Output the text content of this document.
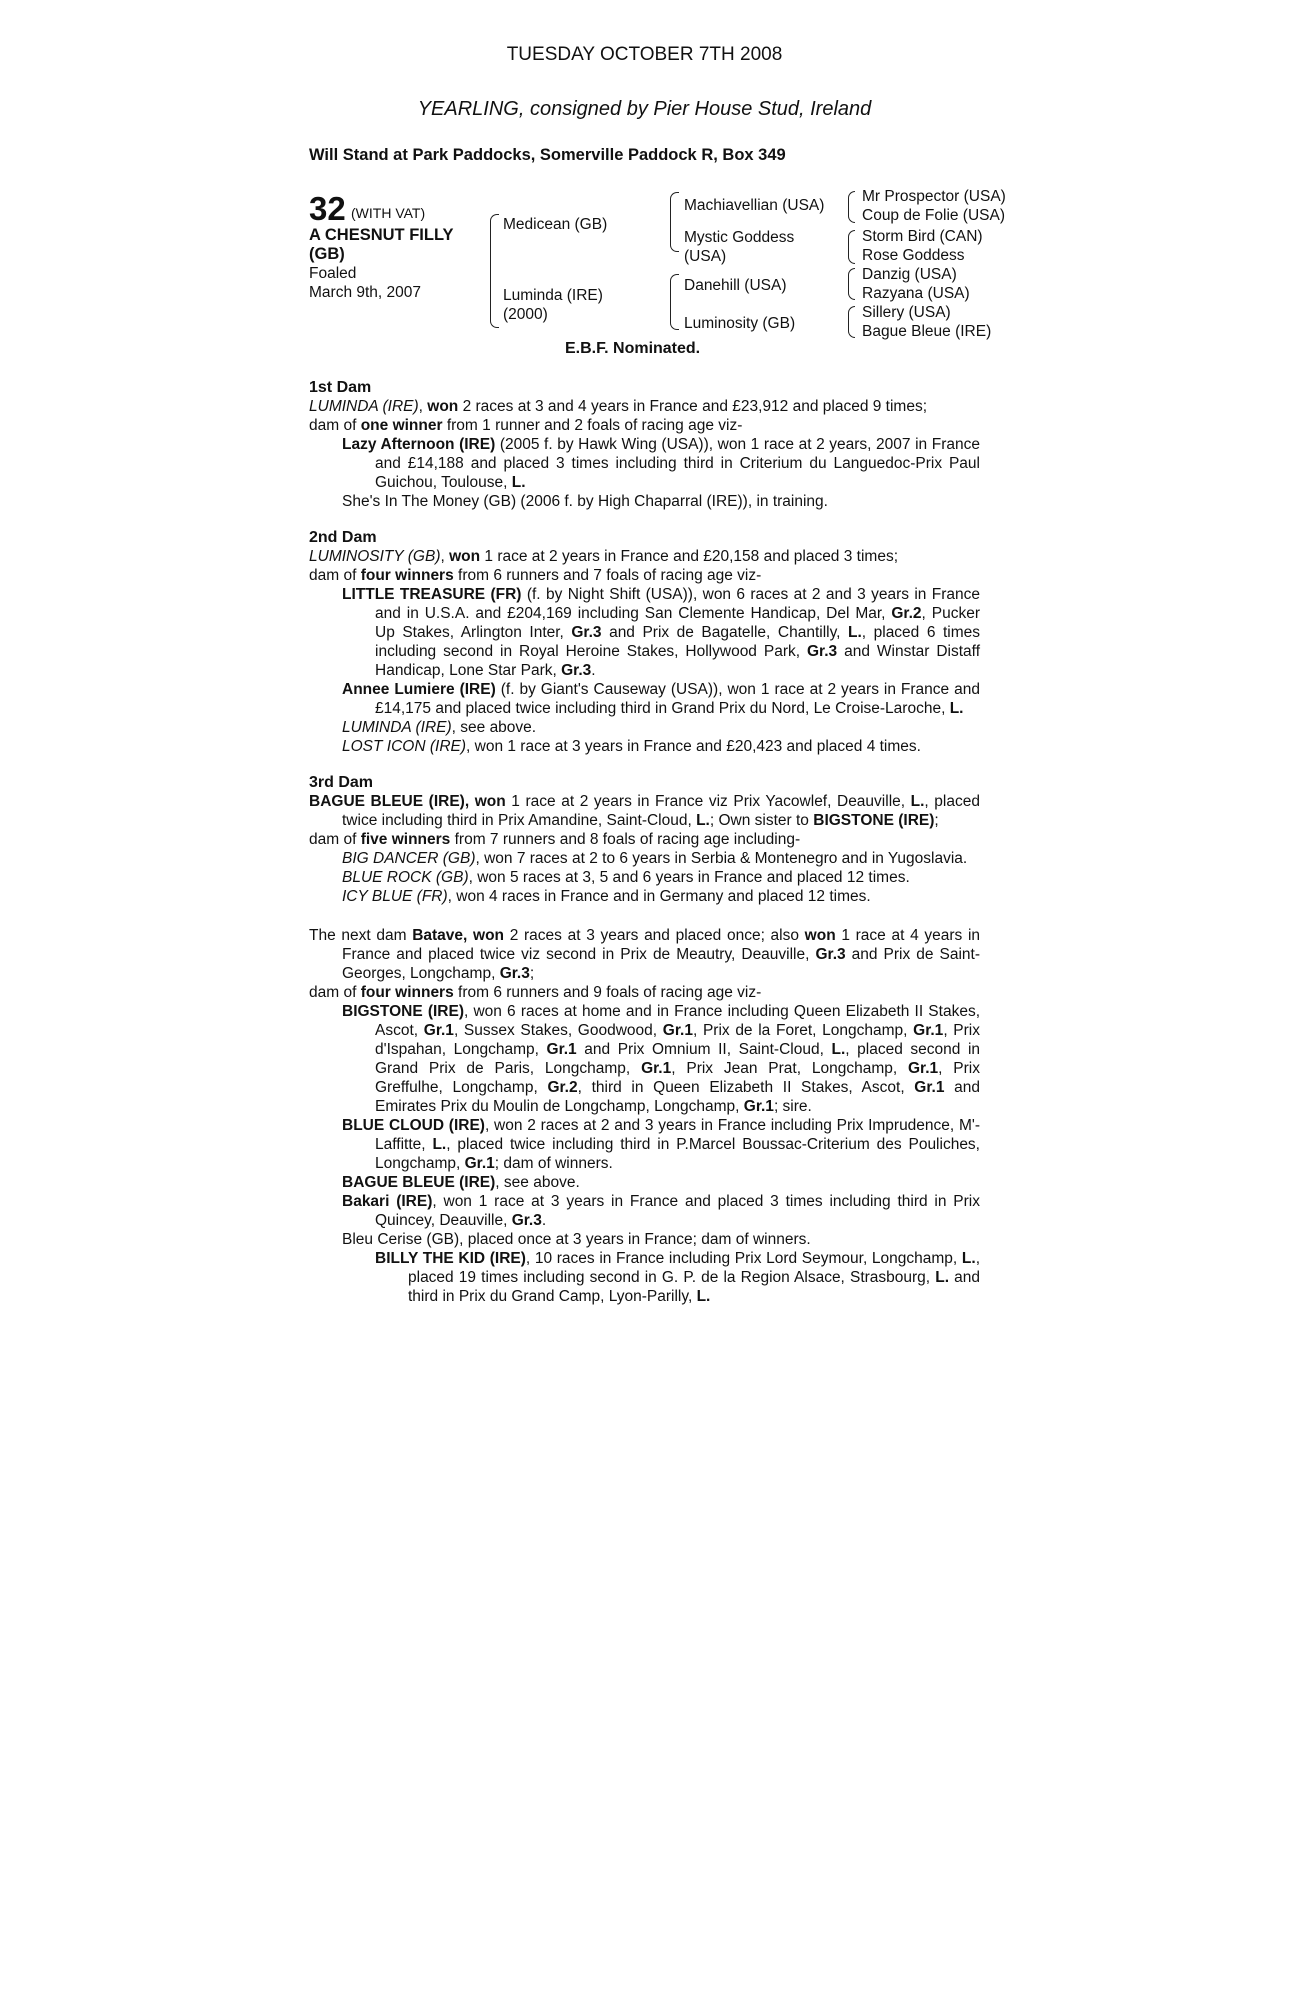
TUESDAY OCTOBER 7TH 2008
YEARLING, consigned by Pier House Stud, Ireland
Will Stand at Park Paddocks, Somerville Paddock R, Box 349
32 (WITH VAT)
A CHESNUT FILLY
(GB)
Foaled
March 9th, 2007
Medicean (GB)
Luminda (IRE)
(2000)
Machiavellian (USA)
Mystic Goddess
(USA)
Danehill (USA)
Luminosity (GB)
Mr Prospector (USA)
Coup de Folie (USA)
Storm Bird (CAN)
Rose Goddess
Danzig (USA)
Razyana (USA)
Sillery (USA)
Bague Bleue (IRE)
E.B.F. Nominated.
1st Dam

LUMINDA (IRE), won 2 races at 3 and 4 years in France and £23,912 and placed 9 times;

dam of one winner from 1 runner and 2 foals of racing age viz-

Lazy Afternoon (IRE) (2005 f. by Hawk Wing (USA)), won 1 race at 2 years, 2007 in France and £14,188 and placed 3 times including third in Criterium du Languedoc-Prix Paul Guichou, Toulouse, L.

She's In The Money (GB) (2006 f. by High Chaparral (IRE)), in training.

2nd Dam

LUMINOSITY (GB), won 1 race at 2 years in France and £20,158 and placed 3 times;

dam of four winners from 6 runners and 7 foals of racing age viz-

LITTLE TREASURE (FR) (f. by Night Shift (USA)), won 6 races at 2 and 3 years in France and in U.S.A. and £204,169 including San Clemente Handicap, Del Mar, Gr.2, Pucker Up Stakes, Arlington Inter, Gr.3 and Prix de Bagatelle, Chantilly, L., placed 6 times including second in Royal Heroine Stakes, Hollywood Park, Gr.3 and Winstar Distaff Handicap, Lone Star Park, Gr.3.

Annee Lumiere (IRE) (f. by Giant's Causeway (USA)), won 1 race at 2 years in France and £14,175 and placed twice including third in Grand Prix du Nord, Le Croise-Laroche, L.

LUMINDA (IRE), see above.

LOST ICON (IRE), won 1 race at 3 years in France and £20,423 and placed 4 times.

3rd Dam

BAGUE BLEUE (IRE), won 1 race at 2 years in France viz Prix Yacowlef, Deauville, L., placed twice including third in Prix Amandine, Saint-Cloud, L.; Own sister to BIGSTONE (IRE);

dam of five winners from 7 runners and 8 foals of racing age including-

BIG DANCER (GB), won 7 races at 2 to 6 years in Serbia & Montenegro and in Yugoslavia.

BLUE ROCK (GB), won 5 races at 3, 5 and 6 years in France and placed 12 times.

ICY BLUE (FR), won 4 races in France and in Germany and placed 12 times.

The next dam Batave, won 2 races at 3 years and placed once; also won 1 race at 4 years in France and placed twice viz second in Prix de Meautry, Deauville, Gr.3 and Prix de Saint-Georges, Longchamp, Gr.3;

dam of four winners from 6 runners and 9 foals of racing age viz-

BIGSTONE (IRE), won 6 races at home and in France including Queen Elizabeth II Stakes, Ascot, Gr.1, Sussex Stakes, Goodwood, Gr.1, Prix de la Foret, Longchamp, Gr.1, Prix d'Ispahan, Longchamp, Gr.1 and Prix Omnium II, Saint-Cloud, L., placed second in Grand Prix de Paris, Longchamp, Gr.1, Prix Jean Prat, Longchamp, Gr.1, Prix Greffulhe, Longchamp, Gr.2, third in Queen Elizabeth II Stakes, Ascot, Gr.1 and Emirates Prix du Moulin de Longchamp, Longchamp, Gr.1; sire.

BLUE CLOUD (IRE), won 2 races at 2 and 3 years in France including Prix Imprudence, M'-Laffitte, L., placed twice including third in P.Marcel Boussac-Criterium des Pouliches, Longchamp, Gr.1; dam of winners.

BAGUE BLEUE (IRE), see above.

Bakari (IRE), won 1 race at 3 years in France and placed 3 times including third in Prix Quincey, Deauville, Gr.3.

Bleu Cerise (GB), placed once at 3 years in France; dam of winners.

BILLY THE KID (IRE), 10 races in France including Prix Lord Seymour, Longchamp, L., placed 19 times including second in G. P. de la Region Alsace, Strasbourg, L. and third in Prix du Grand Camp, Lyon-Parilly, L.
